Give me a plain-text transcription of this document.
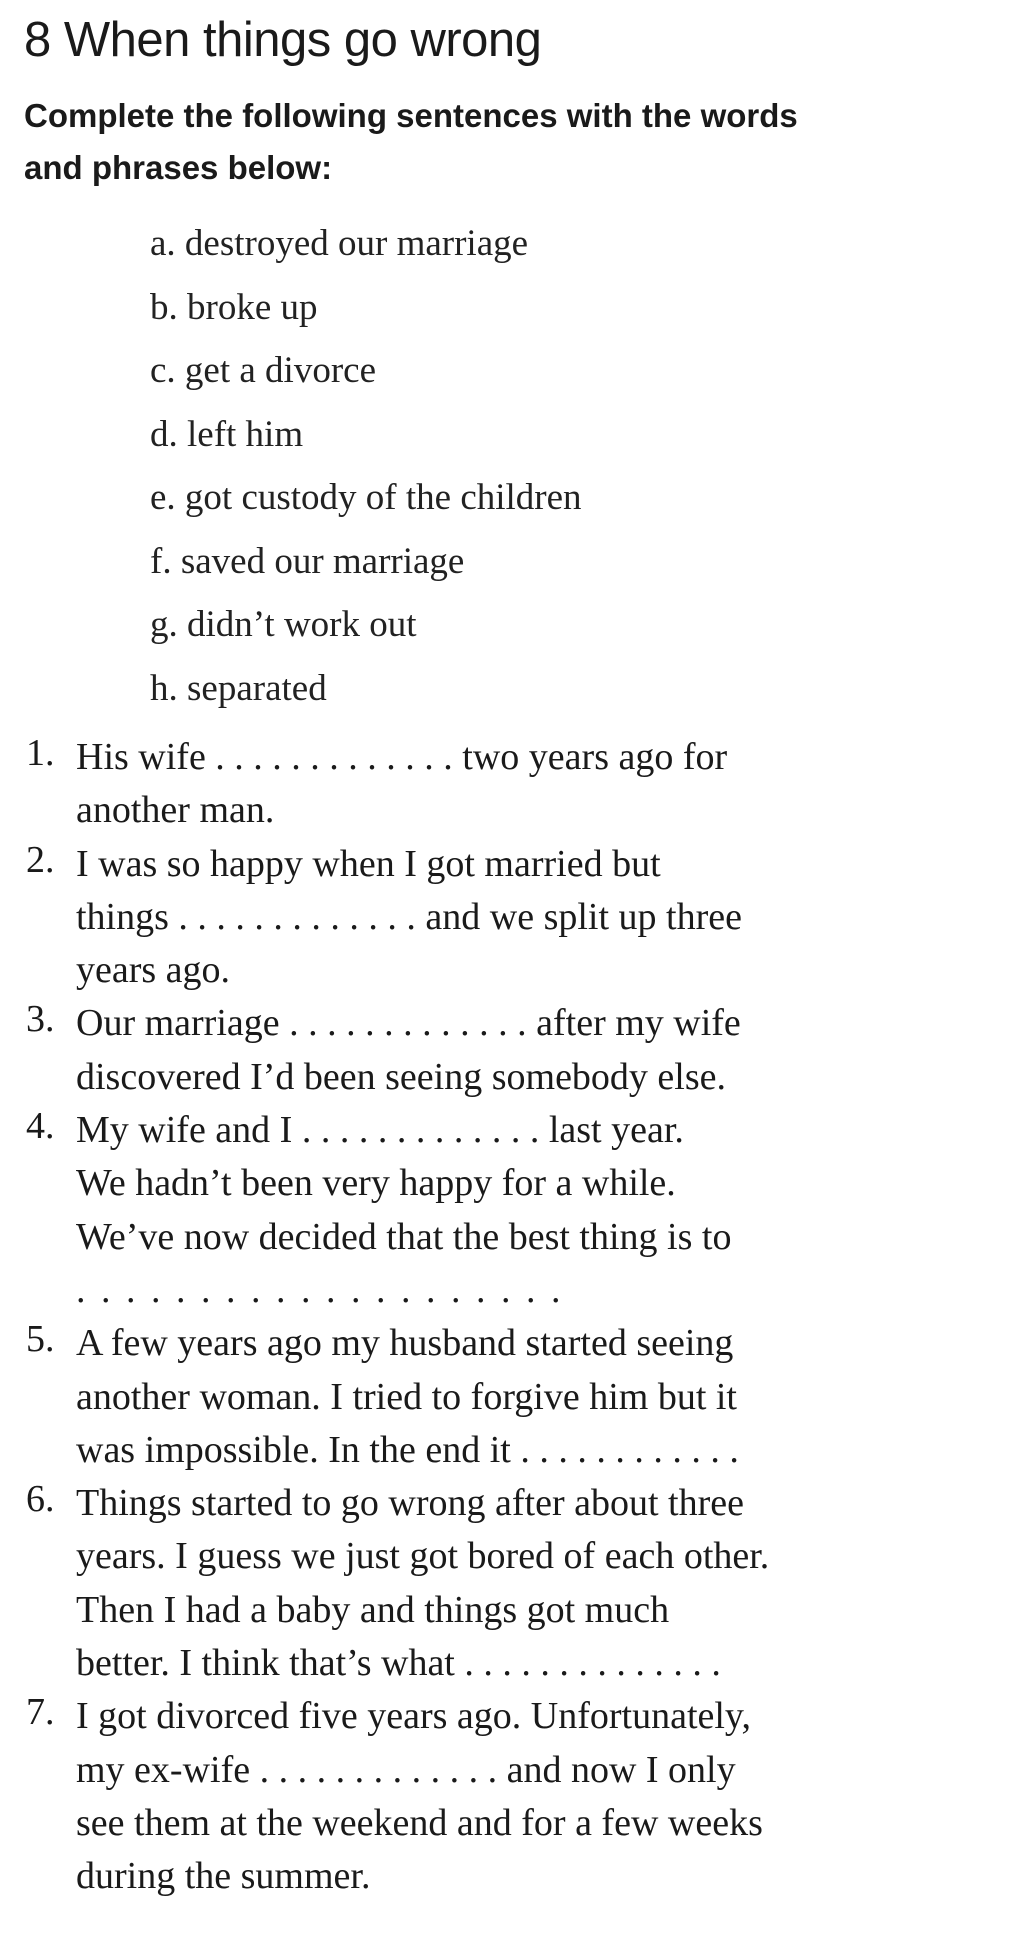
8 When things go wrong
Complete the following sentences with the words
and phrases below:
a. destroyed our marriage
b. broke up
c. get a divorce
d. left him
e. got custody of the children
f. saved our marriage
g. didn’t work out
h. separated
1. His wife . . . . . . . . . . . . . two years ago for
another man.
2. I was so happy when I got married but
things . . . . . . . . . . . . . and we split up three
years ago.
3. Our marriage . . . . . . . . . . . . . after my wife
discovered I’d been seeing somebody else.
4. My wife and I . . . . . . . . . . . . . last year.
We hadn’t been very happy for a while.
We’ve now decided that the best thing is to
. . . . . . . . . . . . . . . . . . . .
5. A few years ago my husband started seeing
another woman. I tried to forgive him but it
was impossible. In the end it . . . . . . . . . . . .
6. Things started to go wrong after about three
years. I guess we just got bored of each other.
Then I had a baby and things got much
better. I think that’s what . . . . . . . . . . . . . .
7. I got divorced five years ago. Unfortunately,
my ex-wife . . . . . . . . . . . . . and now I only
see them at the weekend and for a few weeks
during the summer.
